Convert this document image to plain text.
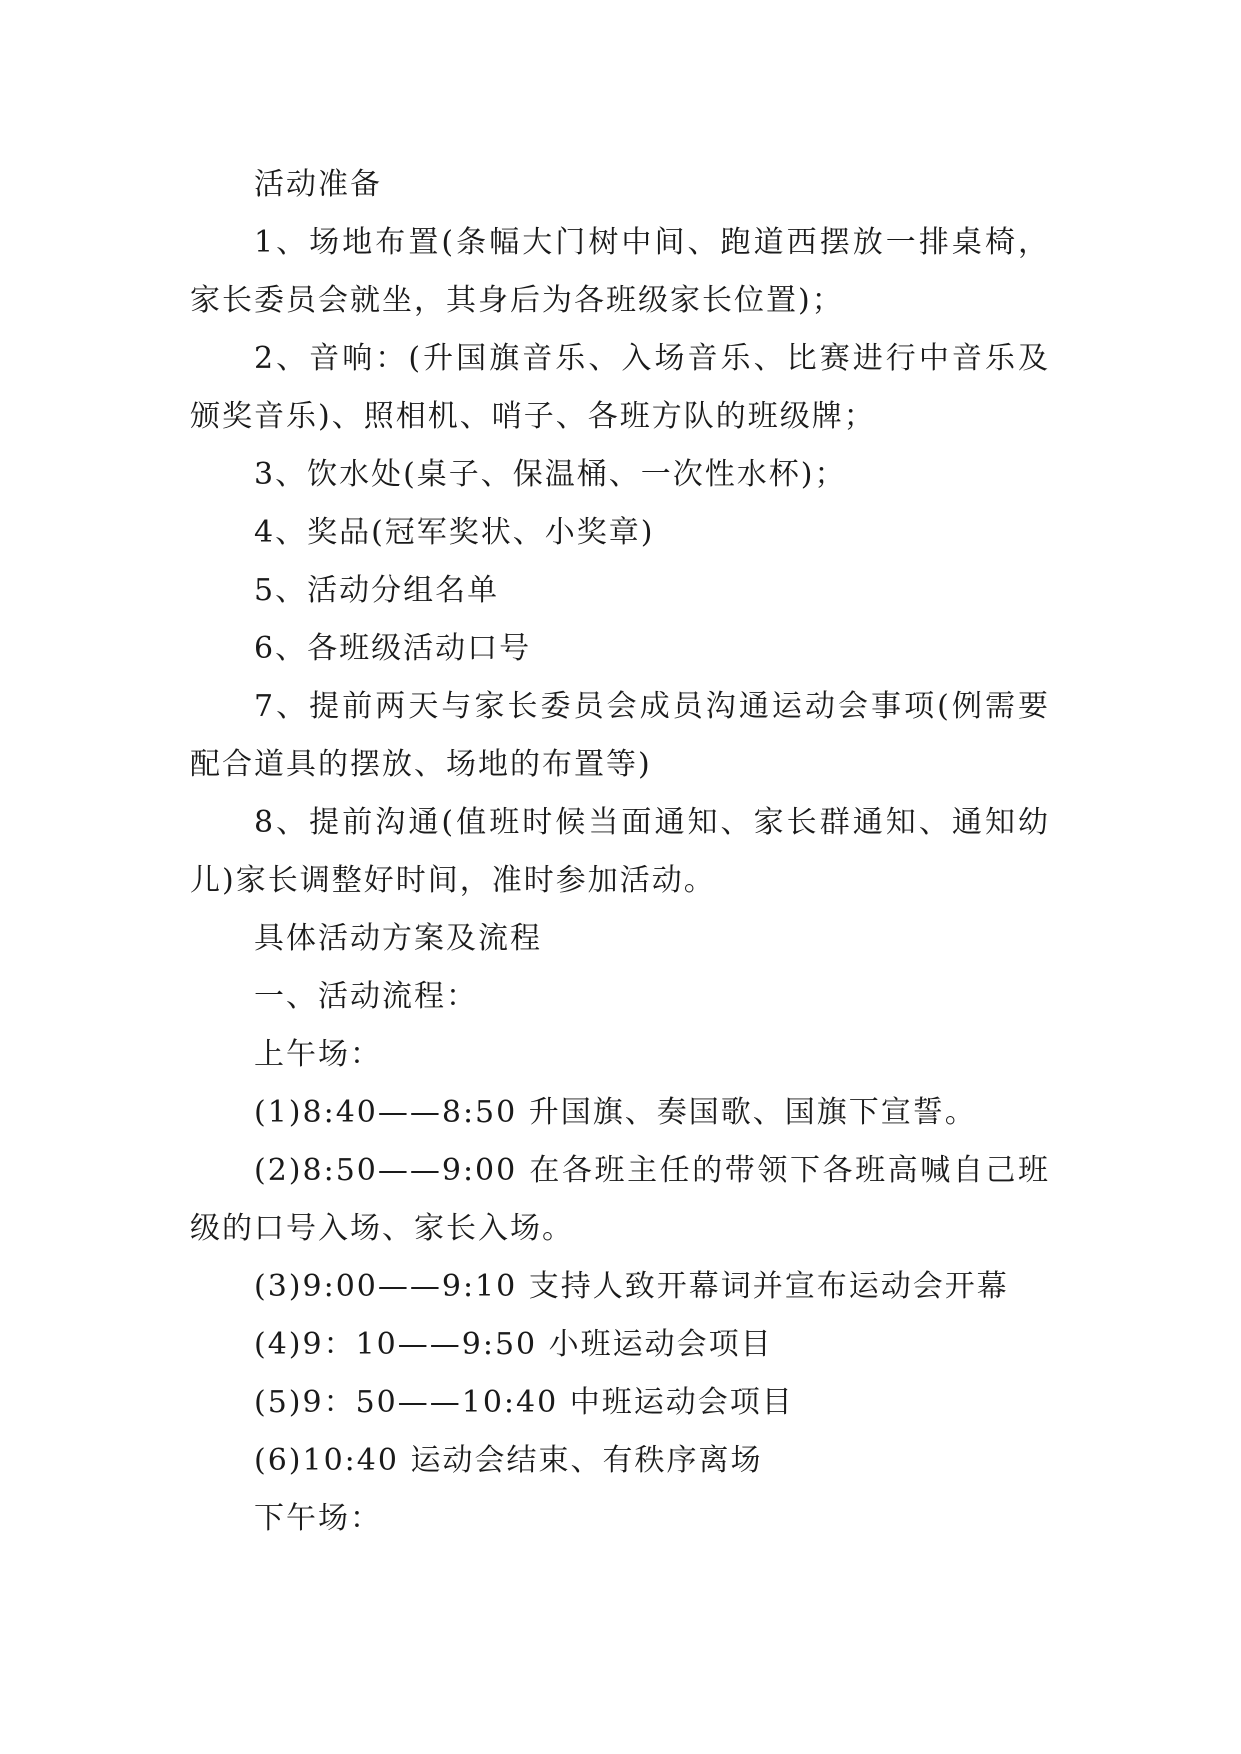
活动准备

1、场地布置(条幅大门树中间、跑道西摆放一排桌椅，家长委员会就坐，其身后为各班级家长位置)；

2、音响：(升国旗音乐、入场音乐、比赛进行中音乐及颁奖音乐)、照相机、哨子、各班方队的班级牌；

3、饮水处(桌子、保温桶、一次性水杯)；

4、奖品(冠军奖状、小奖章)

5、活动分组名单

6、各班级活动口号

7、提前两天与家长委员会成员沟通运动会事项(例需要配合道具的摆放、场地的布置等)

8、提前沟通(值班时候当面通知、家长群通知、通知幼儿)家长调整好时间，准时参加活动。

具体活动方案及流程

一、活动流程：

上午场：

(1)8:40——8:50 升国旗、奏国歌、国旗下宣誓。

(2)8:50——9:00 在各班主任的带领下各班高喊自己班级的口号入场、家长入场。

(3)9:00——9:10 支持人致开幕词并宣布运动会开幕

(4)9：10——9:50 小班运动会项目

(5)9：50——10:40 中班运动会项目

(6)10:40 运动会结束、有秩序离场

下午场：
